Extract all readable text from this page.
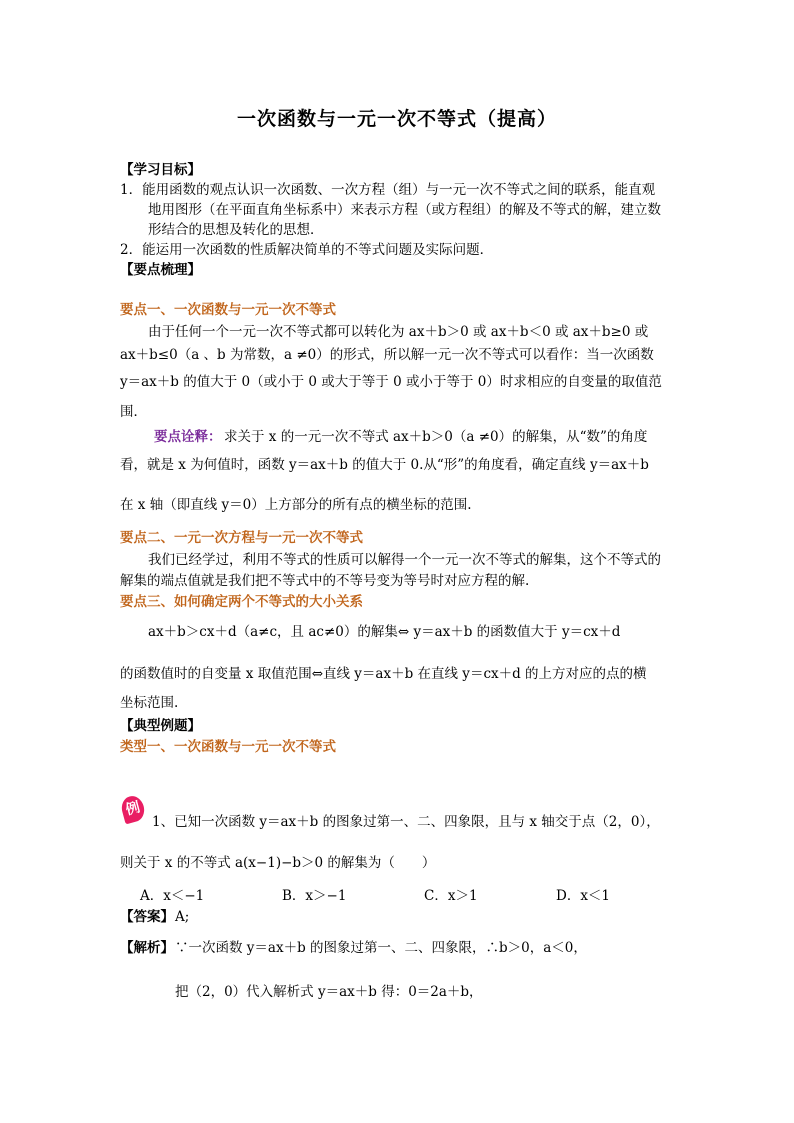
一次函数与一元一次不等式（提高）
【学习目标】
1．能用函数的观点认识一次函数、一次方程（组）与一元一次不等式之间的联系，能直观
地用图形（在平面直角坐标系中）来表示方程（或方程组）的解及不等式的解，建立数
形结合的思想及转化的思想．
2．能运用一次函数的性质解决简单的不等式问题及实际问题．
【要点梳理】
要点一、一次函数与一元一次不等式
由于任何一个一元一次不等式都可以转化为 ax＋b＞0 或 ax＋b＜0 或 ax＋b≥0 或
ax＋b≤0（a 、b 为常数，a ≠0）的形式，所以解一元一次不等式可以看作：当一次函数
y＝ax＋b 的值大于 0（或小于 0 或大于等于 0 或小于等于 0）时求相应的自变量的取值范
围．
要点诠释： 求关于 x 的一元一次不等式 ax＋b＞0（a ≠0）的解集，从“数”的角度
看，就是 x 为何值时，函数 y＝ax＋b 的值大于 0.从“形”的角度看，确定直线 y＝ax＋b
在 x 轴（即直线 y＝0）上方部分的所有点的横坐标的范围.
要点二、一元一次方程与一元一次不等式
我们已经学过，利用不等式的性质可以解得一个一元一次不等式的解集，这个不等式的
解集的端点值就是我们把不等式中的不等号变为等号时对应方程的解.
要点三、如何确定两个不等式的大小关系
ax＋b＞cx＋d（a≠c，且 ac≠0）的解集⇔ y＝ax＋b 的函数值大于 y＝cx＋d
的函数值时的自变量 x 取值范围⇔直线 y＝ax＋b 在直线 y＝cx＋d 的上方对应的点的横
坐标范围.
【典型例题】
类型一、一次函数与一元一次不等式
例
1、已知一次函数 y＝ax＋b 的图象过第一、二、四象限，且与 x 轴交于点（2，0），
则关于 x 的不等式 a(x−1)−b＞0 的解集为（　　）
A．x＜−1	B．x＞−1	C．x＞1	D．x＜1
【答案】 A;
【解析】 ∵一次函数 y＝ax＋b 的图象过第一、二、四象限，∴b＞0，a＜0，
把（2，0）代入解析式 y＝ax＋b 得：0＝2a＋b，
